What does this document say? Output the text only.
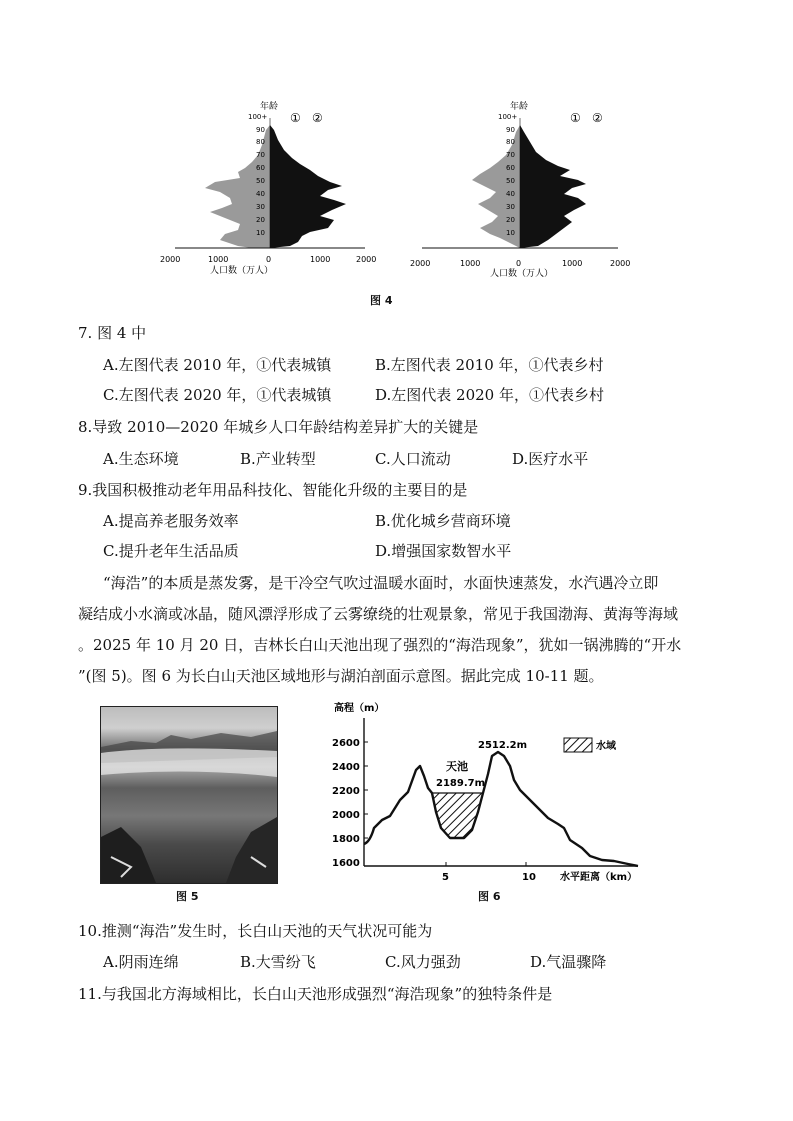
年龄
① ②
人口数（万人）
2000	1000	0	1000	2000
年龄
① ②
人口数（万人）
2000	1000	0	1000	2000
100+
90
80
70
60
50
40
30
20
10
100+
90
80
70
60
50
40
30
20
10
图 4
7. 图 4 中
A.左图代表 2010 年，①代表城镇	B.左图代表 2010 年，①代表乡村
C.左图代表 2020 年，①代表城镇	D.左图代表 2020 年，①代表乡村
8.导致 2010—2020 年城乡人口年龄结构差异扩大的关键是
A.生态环境	B.产业转型	C.人口流动	D.医疗水平
9.我国积极推动老年用品科技化、智能化升级的主要目的是
A.提高养老服务效率	B.优化城乡营商环境
C.提升老年生活品质	D.增强国家数智水平
“海浩”的本质是蒸发雾，是干冷空气吹过温暖水面时，水面快速蒸发，水汽遇冷立即
凝结成小水滴或冰晶，随风漂浮形成了云雾缭绕的壮观景象，常见于我国渤海、黄海等海域
。2025 年 10 月 20 日，吉林长白山天池出现了强烈的“海浩现象”，犹如一锅沸腾的“开水
”(图 5)。图 6 为长白山天池区域地形与湖泊剖面示意图。据此完成 10-11 题。
图 5
高程（m）
2600
2400
2200
2000
1800
1600
5	10 水平距离（km）
天池
2189.7m
2512.2m	水域
图 6
10.推测“海浩”发生时，长白山天池的天气状况可能为
A.阴雨连绵	B.大雪纷飞	C.风力强劲	D.气温骤降
11.与我国北方海域相比，长白山天池形成强烈“海浩现象”的独特条件是
